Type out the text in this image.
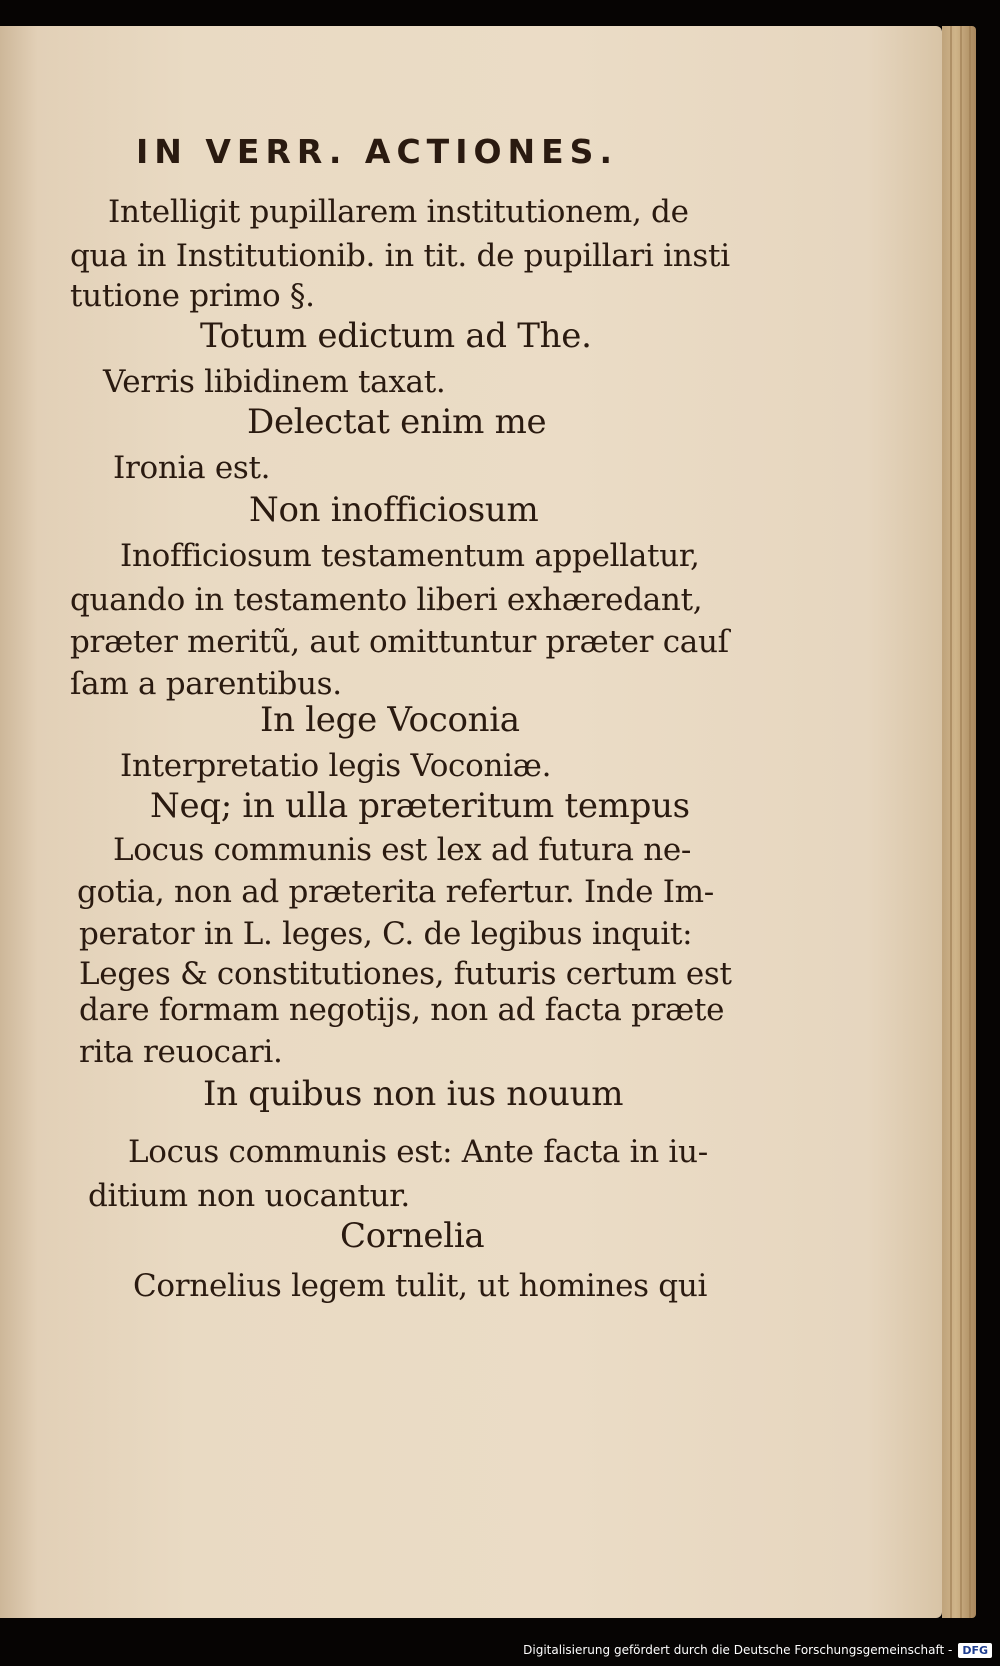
IN VERR. ACTIONES.
Intelligit pupillarem institutionem, de
qua in Institutionib. in tit. de pupillari insti
tutione primo §.
Totum edictum ad The.
Verris libidinem taxat.
Delectat enim me
Ironia est.
Non inofficiosum
Inofficiosum testamentum appellatur,
quando in testamento liberi exhæredant,
præter meritũ, aut omittuntur præter cauſ
ſam a parentibus.
In lege Voconia
Interpretatio legis Voconiæ.
Neq; in ulla præteritum tempus
Locus communis est lex ad futura ne-
gotia, non ad præterita refertur. Inde Im-
perator in L. leges, C. de legibus inquit:
Leges & constitutiones, futuris certum est
dare formam negotijs, non ad facta præte
rita reuocari.
In quibus non ius nouum
Locus communis est: Ante facta in iu-
ditium non uocantur.
Cornelia
Cornelius legem tulit, ut homines qui
Digitalisierung gefördert durch die Deutsche Forschungsgemeinschaft - DFG
